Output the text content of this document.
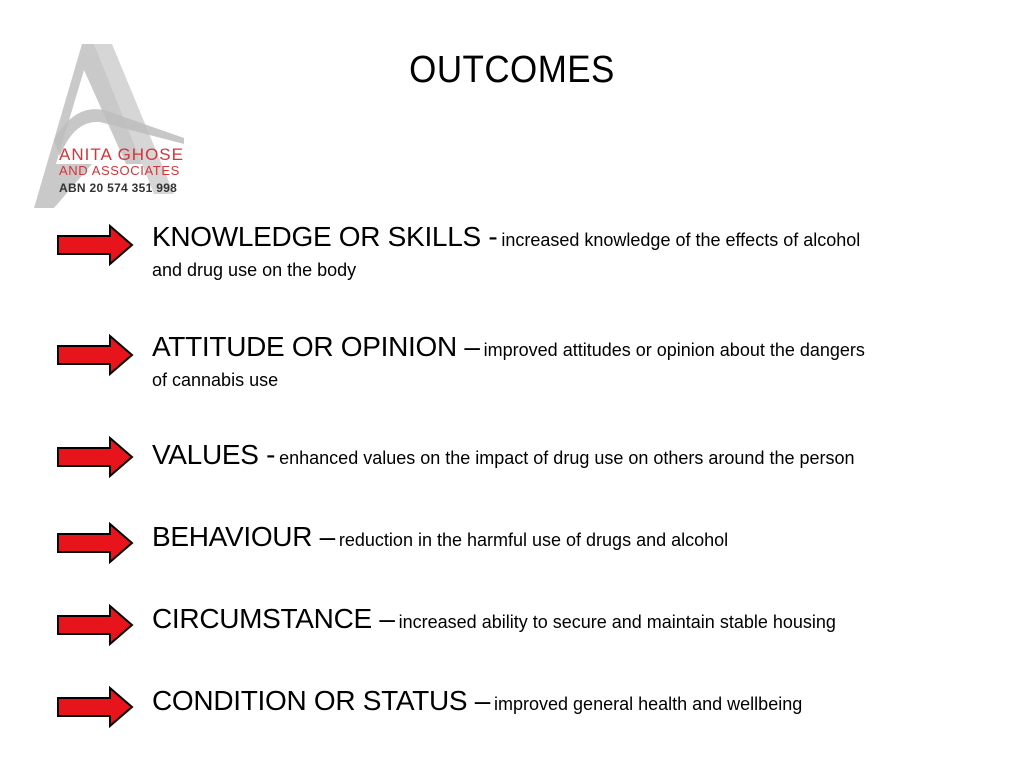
ANITA GHOSE
AND ASSOCIATES
ABN 20 574 351 998
OUTCOMES
KNOWLEDGE OR SKILLS - increased knowledge of the effects of alcohol
and drug use on the body
ATTITUDE OR OPINION – improved attitudes or opinion about the dangers
of cannabis use
VALUES - enhanced values on the impact of drug use on others around the person
BEHAVIOUR – reduction in the harmful use of drugs and alcohol
CIRCUMSTANCE – increased ability to secure and maintain stable housing
CONDITION OR STATUS – improved general health and wellbeing
